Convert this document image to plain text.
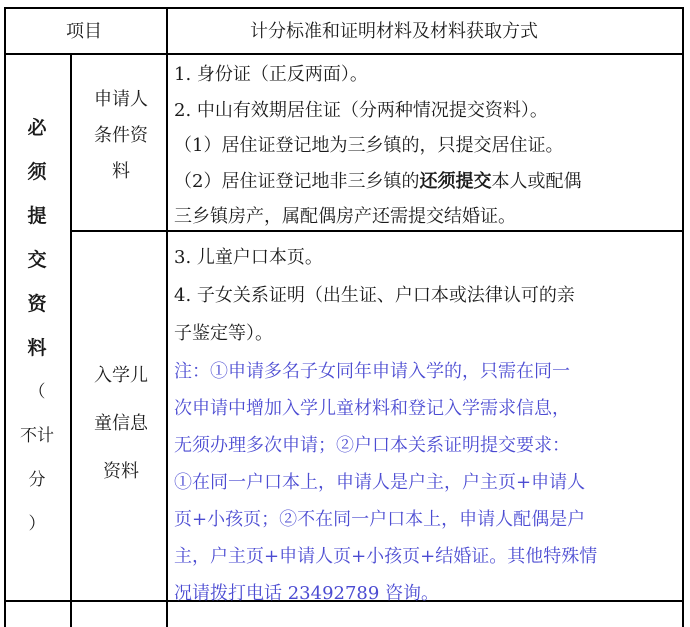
项目	计分标准和证明材料及材料获取方式
必
须
提
交
资
料
（
不计
分
）
申请人
条件资
料
1. 身份证（正反两面）。
2. 中山有效期居住证（分两种情况提交资料）。
（1）居住证登记地为三乡镇的，只提交居住证。
（2）居住证登记地非三乡镇的还须提交本人或配偶
三乡镇房产，属配偶房产还需提交结婚证。
入学儿
童信息
资料
3. 儿童户口本页。
4. 子女关系证明（出生证、户口本或法律认可的亲
子鉴定等）。
注：①申请多名子女同年申请入学的，只需在同一
次申请中增加入学儿童材料和登记入学需求信息，
无须办理多次申请；②户口本关系证明提交要求：
①在同一户口本上，申请人是户主，户主页+申请人
页+小孩页；②不在同一户口本上，申请人配偶是户
主，户主页+申请人页+小孩页+结婚证。其他特殊情
况请拨打电话 23492789 咨询。
